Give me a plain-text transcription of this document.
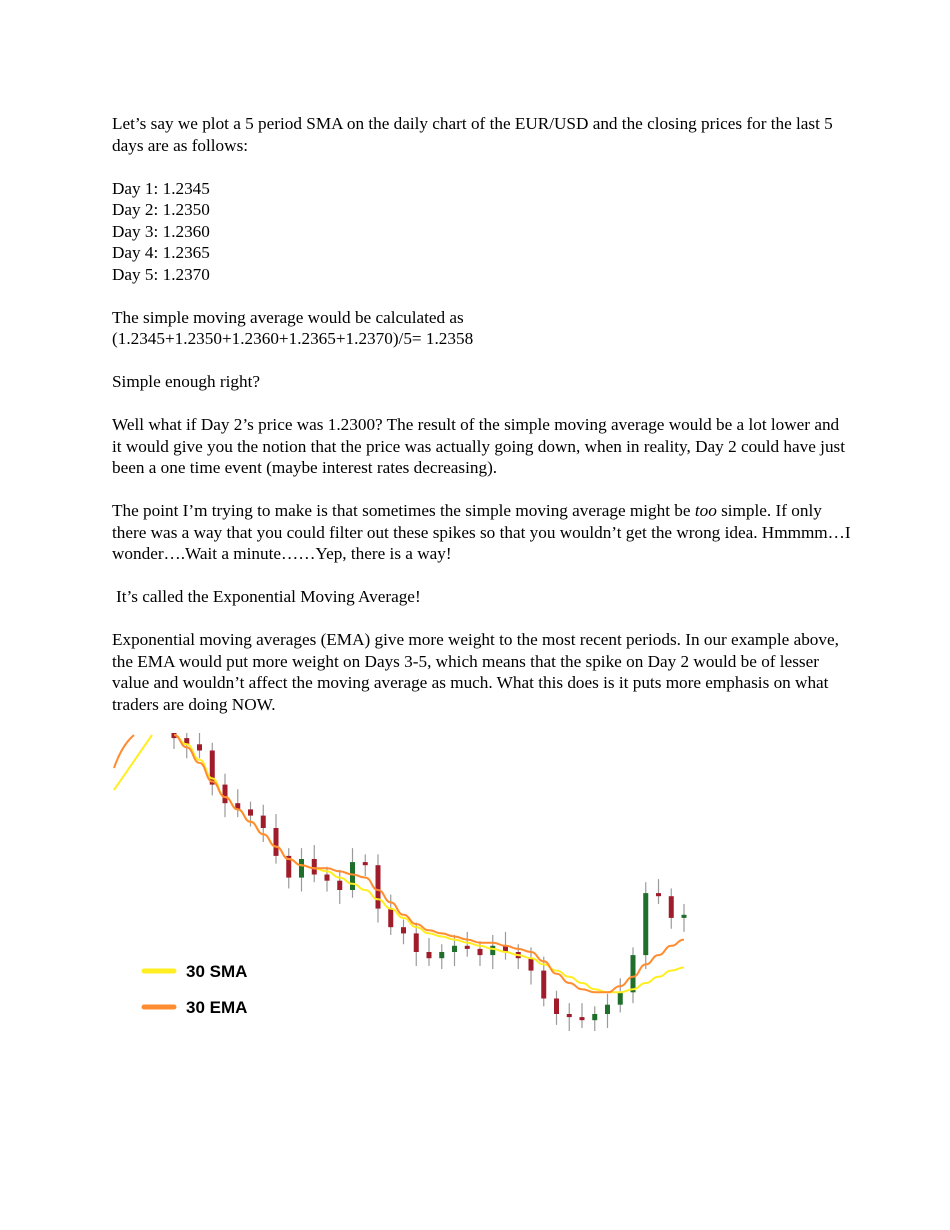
Let’s say we plot a 5 period SMA on the daily chart of the EUR/USD and the closing prices for the last 5 days are as follows:

Day 1: 1.2345
Day 2: 1.2350
Day 3: 1.2360
Day 4: 1.2365
Day 5: 1.2370

The simple moving average would be calculated as
(1.2345+1.2350+1.2360+1.2365+1.2370)/5= 1.2358

Simple enough right?

Well what if Day 2’s price was 1.2300? The result of the simple moving average would be a lot lower and it would give you the notion that the price was actually going down, when in reality, Day 2 could have just been a one time event (maybe interest rates decreasing).

The point I’m trying to make is that sometimes the simple moving average might be too simple. If only there was a way that you could filter out these spikes so that you wouldn’t get the wrong idea. Hmmmm…I wonder….Wait a minute……Yep, there is a way!

It’s called the Exponential Moving Average!

Exponential moving averages (EMA) give more weight to the most recent periods. In our example above, the EMA would put more weight on Days 3-5, which means that the spike on Day 2 would be of lesser value and wouldn’t affect the moving average as much. What this does is it puts more emphasis on what traders are doing NOW.

30 SMA
30 EMA
